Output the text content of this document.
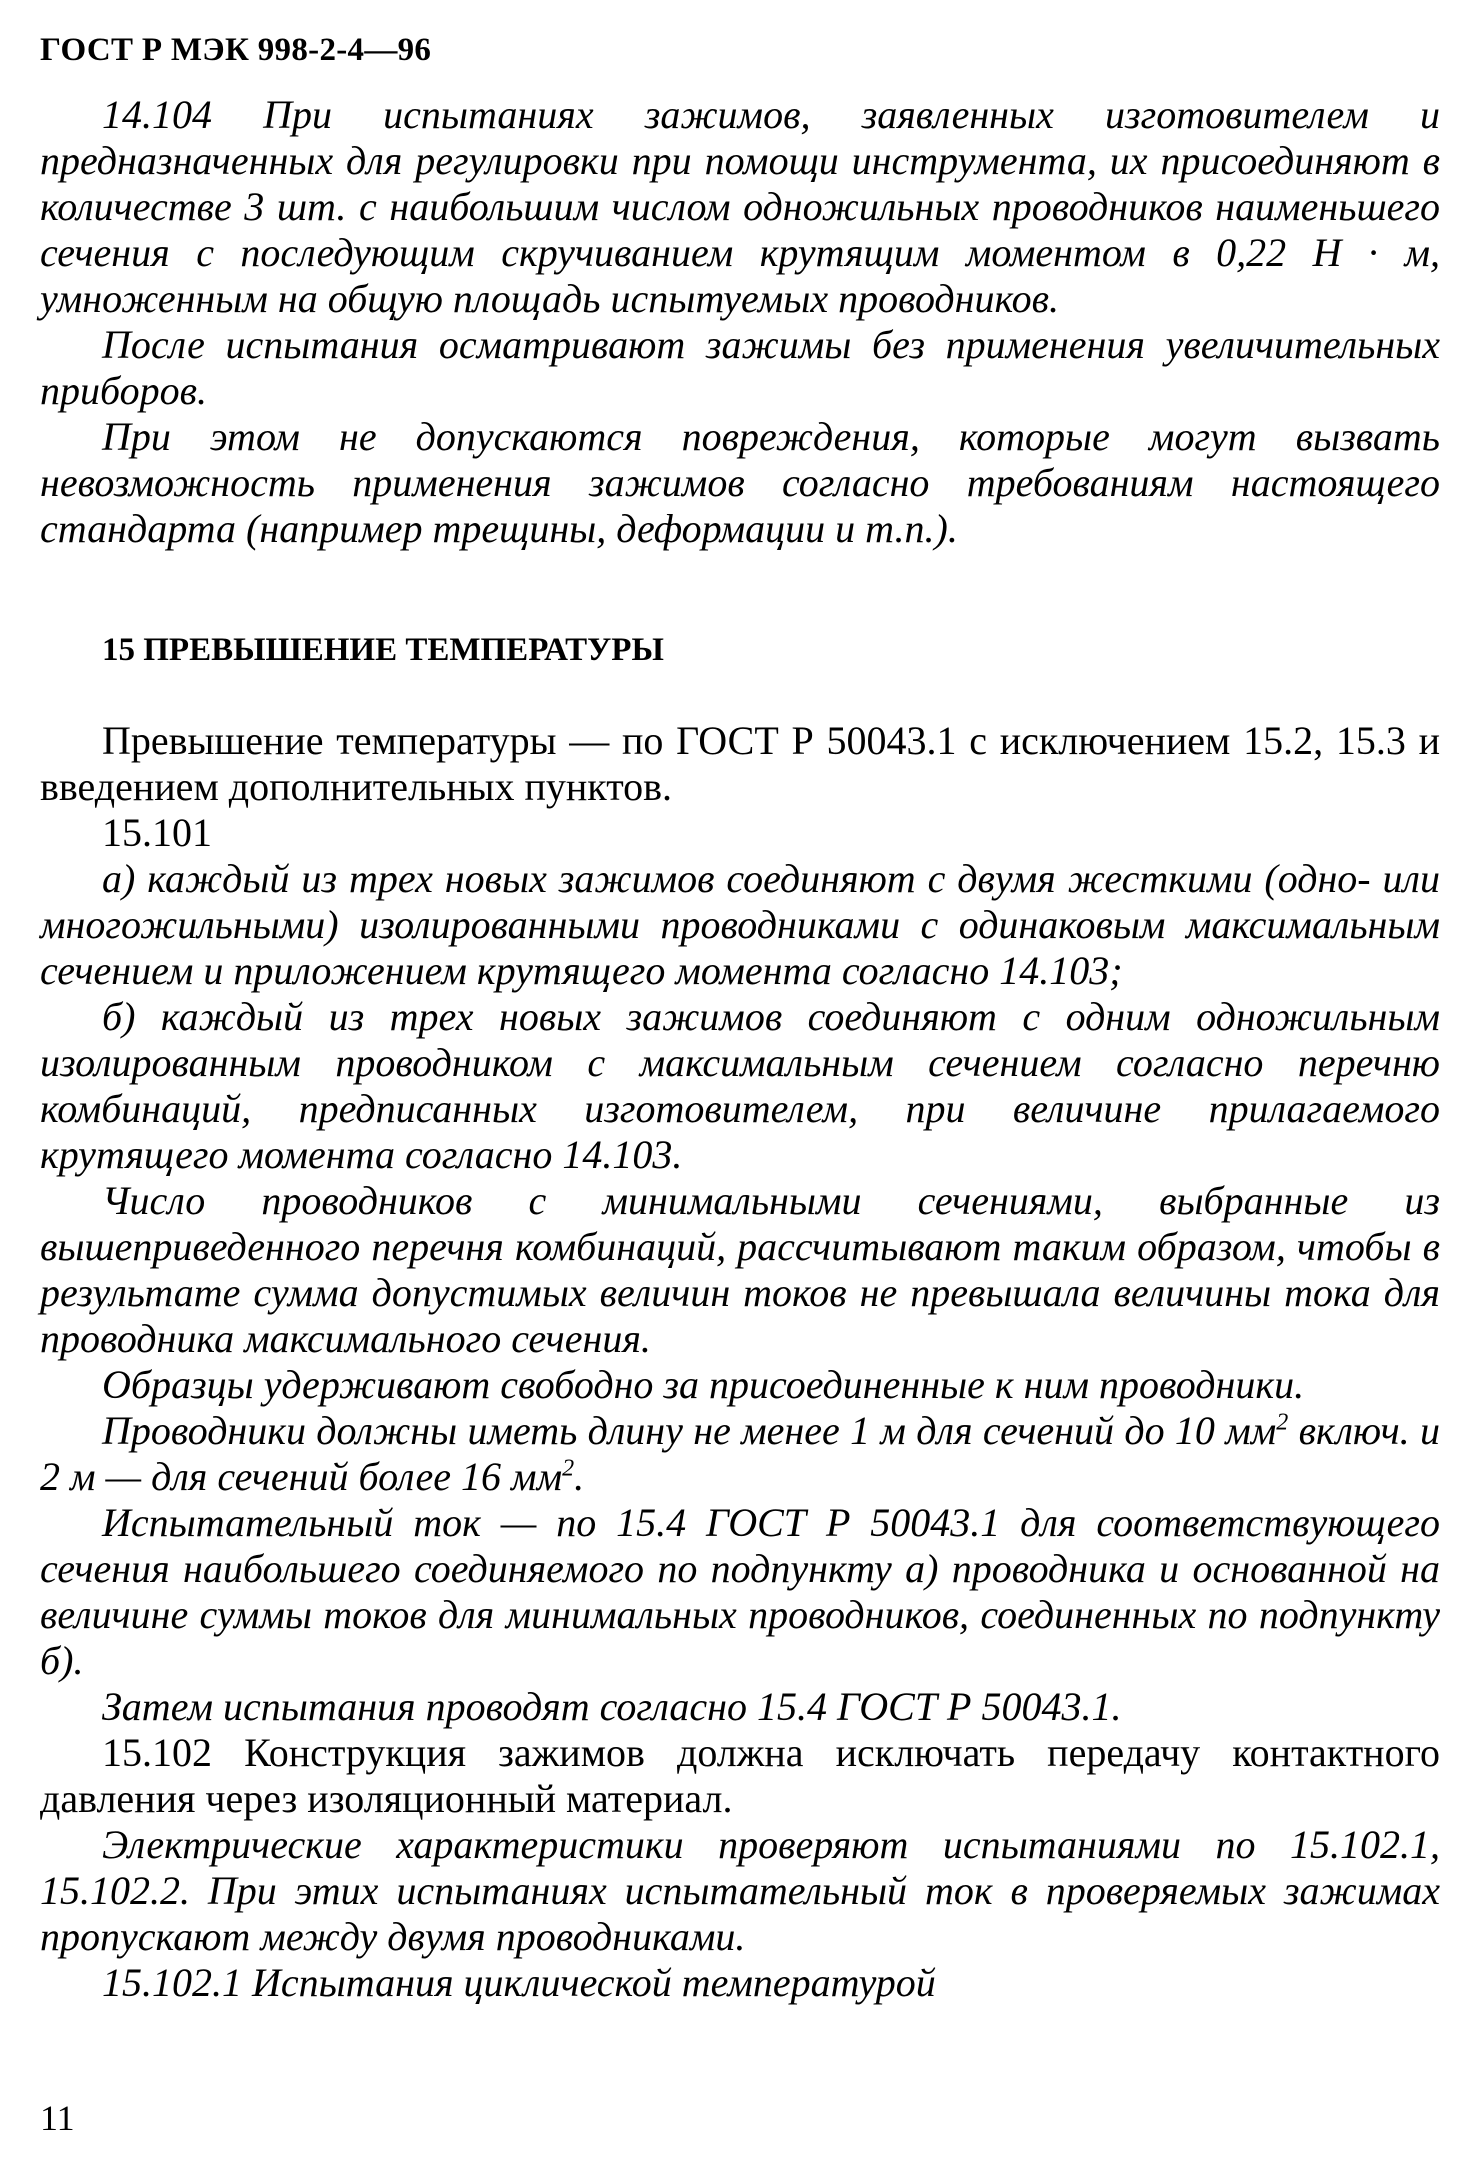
ГОСТ Р МЭК 998-2-4—96

14.104 При испытаниях зажимов, заявленных изготовителем и предназначенных для регулировки при помощи инструмента, их присоединяют в количестве 3 шт. с наибольшим числом одножильных проводников наименьшего сечения с последующим скручиванием крутящим моментом в 0,22 Н · м, умноженным на общую площадь испытуемых проводников.

После испытания осматривают зажимы без применения увеличительных приборов.

При этом не допускаются повреждения, которые могут вызвать невозможность применения зажимов согласно требованиям настоящего стандарта (например трещины, деформации и т.п.).

15 ПРЕВЫШЕНИЕ ТЕМПЕРАТУРЫ

Превышение температуры — по ГОСТ Р 50043.1 с исключением 15.2, 15.3 и введением дополнительных пунктов.

15.101

а) каждый из трех новых зажимов соединяют с двумя жесткими (одно- или многожильными) изолированными проводниками с одинаковым максимальным сечением и приложением крутящего момента согласно 14.103;

б) каждый из трех новых зажимов соединяют с одним одножильным изолированным проводником с максимальным сечением согласно перечню комбинаций, предписанных изготовителем, при величине прилагаемого крутящего момента согласно 14.103.

Число проводников с минимальными сечениями, выбранные из вышеприведенного перечня комбинаций, рассчитывают таким образом, чтобы в результате сумма допустимых величин токов не превышала величины тока для проводника максимального сечения.

Образцы удерживают свободно за присоединенные к ним проводники.

Проводники должны иметь длину не менее 1 м для сечений до 10 $мм^2$ включ. и 2 м — для сечений более 16 $мм^2$.

Испытательный ток — по 15.4 ГОСТ Р 50043.1 для соответствующего сечения наибольшего соединяемого по подпункту а) проводника и основанной на величине суммы токов для минимальных проводников, соединенных по подпункту б).

Затем испытания проводят согласно 15.4 ГОСТ Р 50043.1.

15.102 Конструкция зажимов должна исключать передачу контактного давления через изоляционный материал.

Электрические характеристики проверяют испытаниями по 15.102.1, 15.102.2. При этих испытаниях испытательный ток в проверяемых зажимах пропускают между двумя проводниками.

15.102.1 Испытания циклической температурой

11
